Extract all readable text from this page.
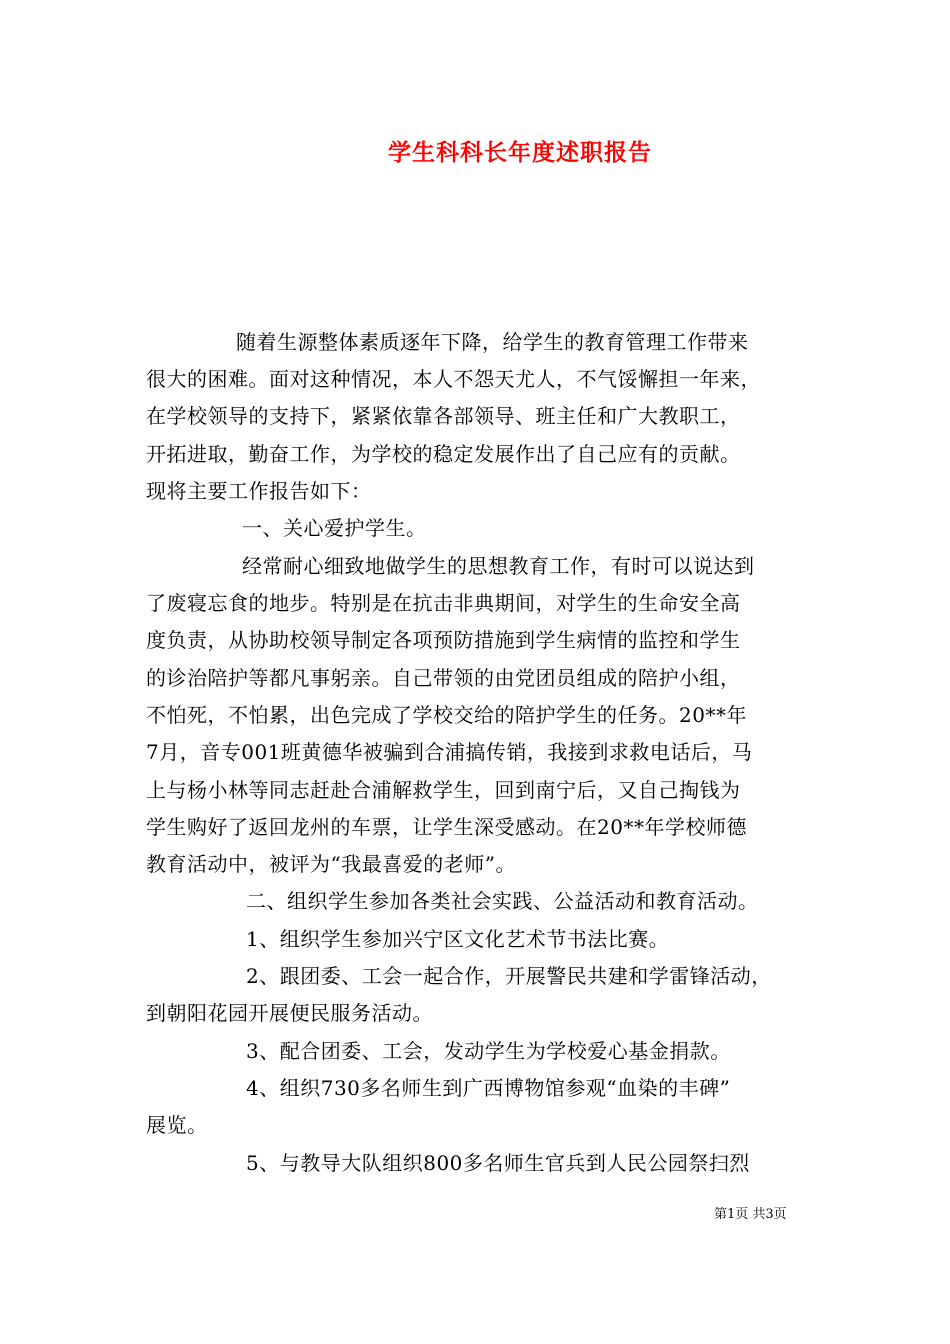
学生科科长年度述职报告
随着生源整体素质逐年下降，给学生的教育管理工作带来
很大的困难。面对这种情况，本人不怨天尤人，不气馁懈担一年来，
在学校领导的支持下，紧紧依靠各部领导、班主任和广大教职工，
开拓进取，勤奋工作，为学校的稳定发展作出了自己应有的贡献。
现将主要工作报告如下：
一、关心爱护学生。
经常耐心细致地做学生的思想教育工作，有时可以说达到
了废寝忘食的地步。特别是在抗击非典期间，对学生的生命安全高
度负责，从协助校领导制定各项预防措施到学生病情的监控和学生
的诊治陪护等都凡事躬亲。自己带领的由党团员组成的陪护小组，
不怕死，不怕累，出色完成了学校交给的陪护学生的任务。20**年
7月，音专001班黄德华被骗到合浦搞传销，我接到求救电话后，马
上与杨小林等同志赶赴合浦解救学生，回到南宁后，又自己掏钱为
学生购好了返回龙州的车票，让学生深受感动。在20**年学校师德
教育活动中，被评为“我最喜爱的老师”。
二、组织学生参加各类社会实践、公益活动和教育活动。
1、组织学生参加兴宁区文化艺术节书法比赛。
2、跟团委、工会一起合作，开展警民共建和学雷锋活动，
到朝阳花园开展便民服务活动。
3、配合团委、工会，发动学生为学校爱心基金捐款。
4、组织730多名师生到广西博物馆参观“血染的丰碑”
展览。
5、与教导大队组织800多名师生官兵到人民公园祭扫烈
第1页 共3页
